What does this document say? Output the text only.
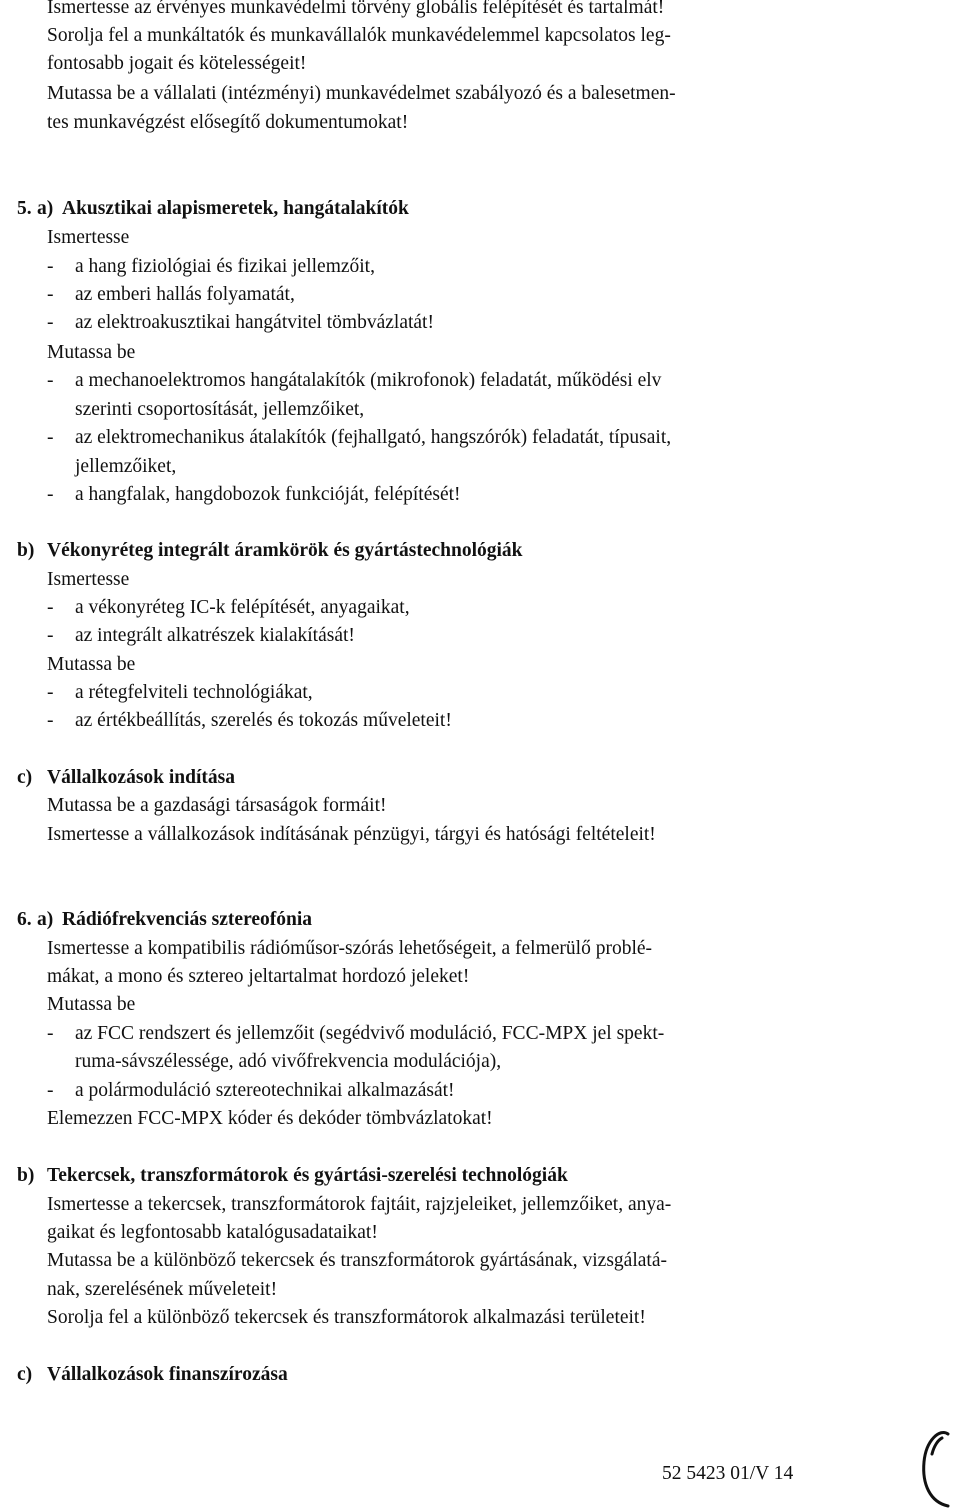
Ismertesse az érvényes munkavédelmi törvény globális felépítését és tartalmát!
Sorolja fel a munkáltatók és munkavállalók munkavédelemmel kapcsolatos leg-
fontosabb jogait és kötelességeit!
Mutassa be a vállalati (intézményi) munkavédelmet szabályozó és a balesetmen-
tes munkavégzést elősegítő dokumentumokat!
5. a) Akusztikai alapismeretek, hangátalakítók
Ismertesse
- a hang fiziológiai és fizikai jellemzőit,
- az emberi hallás folyamatát,
- az elektroakusztikai hangátvitel tömbvázlatát!
Mutassa be
- a mechanoelektromos hangátalakítók (mikrofonok) feladatát, működési elv
szerinti csoportosítását, jellemzőiket,
- az elektromechanikus átalakítók (fejhallgató, hangszórók) feladatát, típusait,
jellemzőiket,
- a hangfalak, hangdobozok funkcióját, felépítését!
b) Vékonyréteg integrált áramkörök és gyártástechnológiák
Ismertesse
- a vékonyréteg IC-k felépítését, anyagaikat,
- az integrált alkatrészek kialakítását!
Mutassa be
- a rétegfelviteli technológiákat,
- az értékbeállítás, szerelés és tokozás műveleteit!
c) Vállalkozások indítása
Mutassa be a gazdasági társaságok formáit!
Ismertesse a vállalkozások indításának pénzügyi, tárgyi és hatósági feltételeit!
6. a) Rádiófrekvenciás sztereofónia
Ismertesse a kompatibilis rádióműsor-szórás lehetőségeit, a felmerülő problé-
mákat, a mono és sztereo jeltartalmat hordozó jeleket!
Mutassa be
- az FCC rendszert és jellemzőit (segédvivő moduláció, FCC-MPX jel spekt-
ruma-sávszélessége, adó vivőfrekvencia modulációja),
- a polármoduláció sztereotechnikai alkalmazását!
Elemezzen FCC-MPX kóder és dekóder tömbvázlatokat!
b) Tekercsek, transzformátorok és gyártási-szerelési technológiák
Ismertesse a tekercsek, transzformátorok fajtáit, rajzjeleiket, jellemzőiket, anya-
gaikat és legfontosabb katalógusadataikat!
Mutassa be a különböző tekercsek és transzformátorok gyártásának, vizsgálatá-
nak, szerelésének műveleteit!
Sorolja fel a különböző tekercsek és transzformátorok alkalmazási területeit!
c) Vállalkozások finanszírozása
52 5423 01/V 14
